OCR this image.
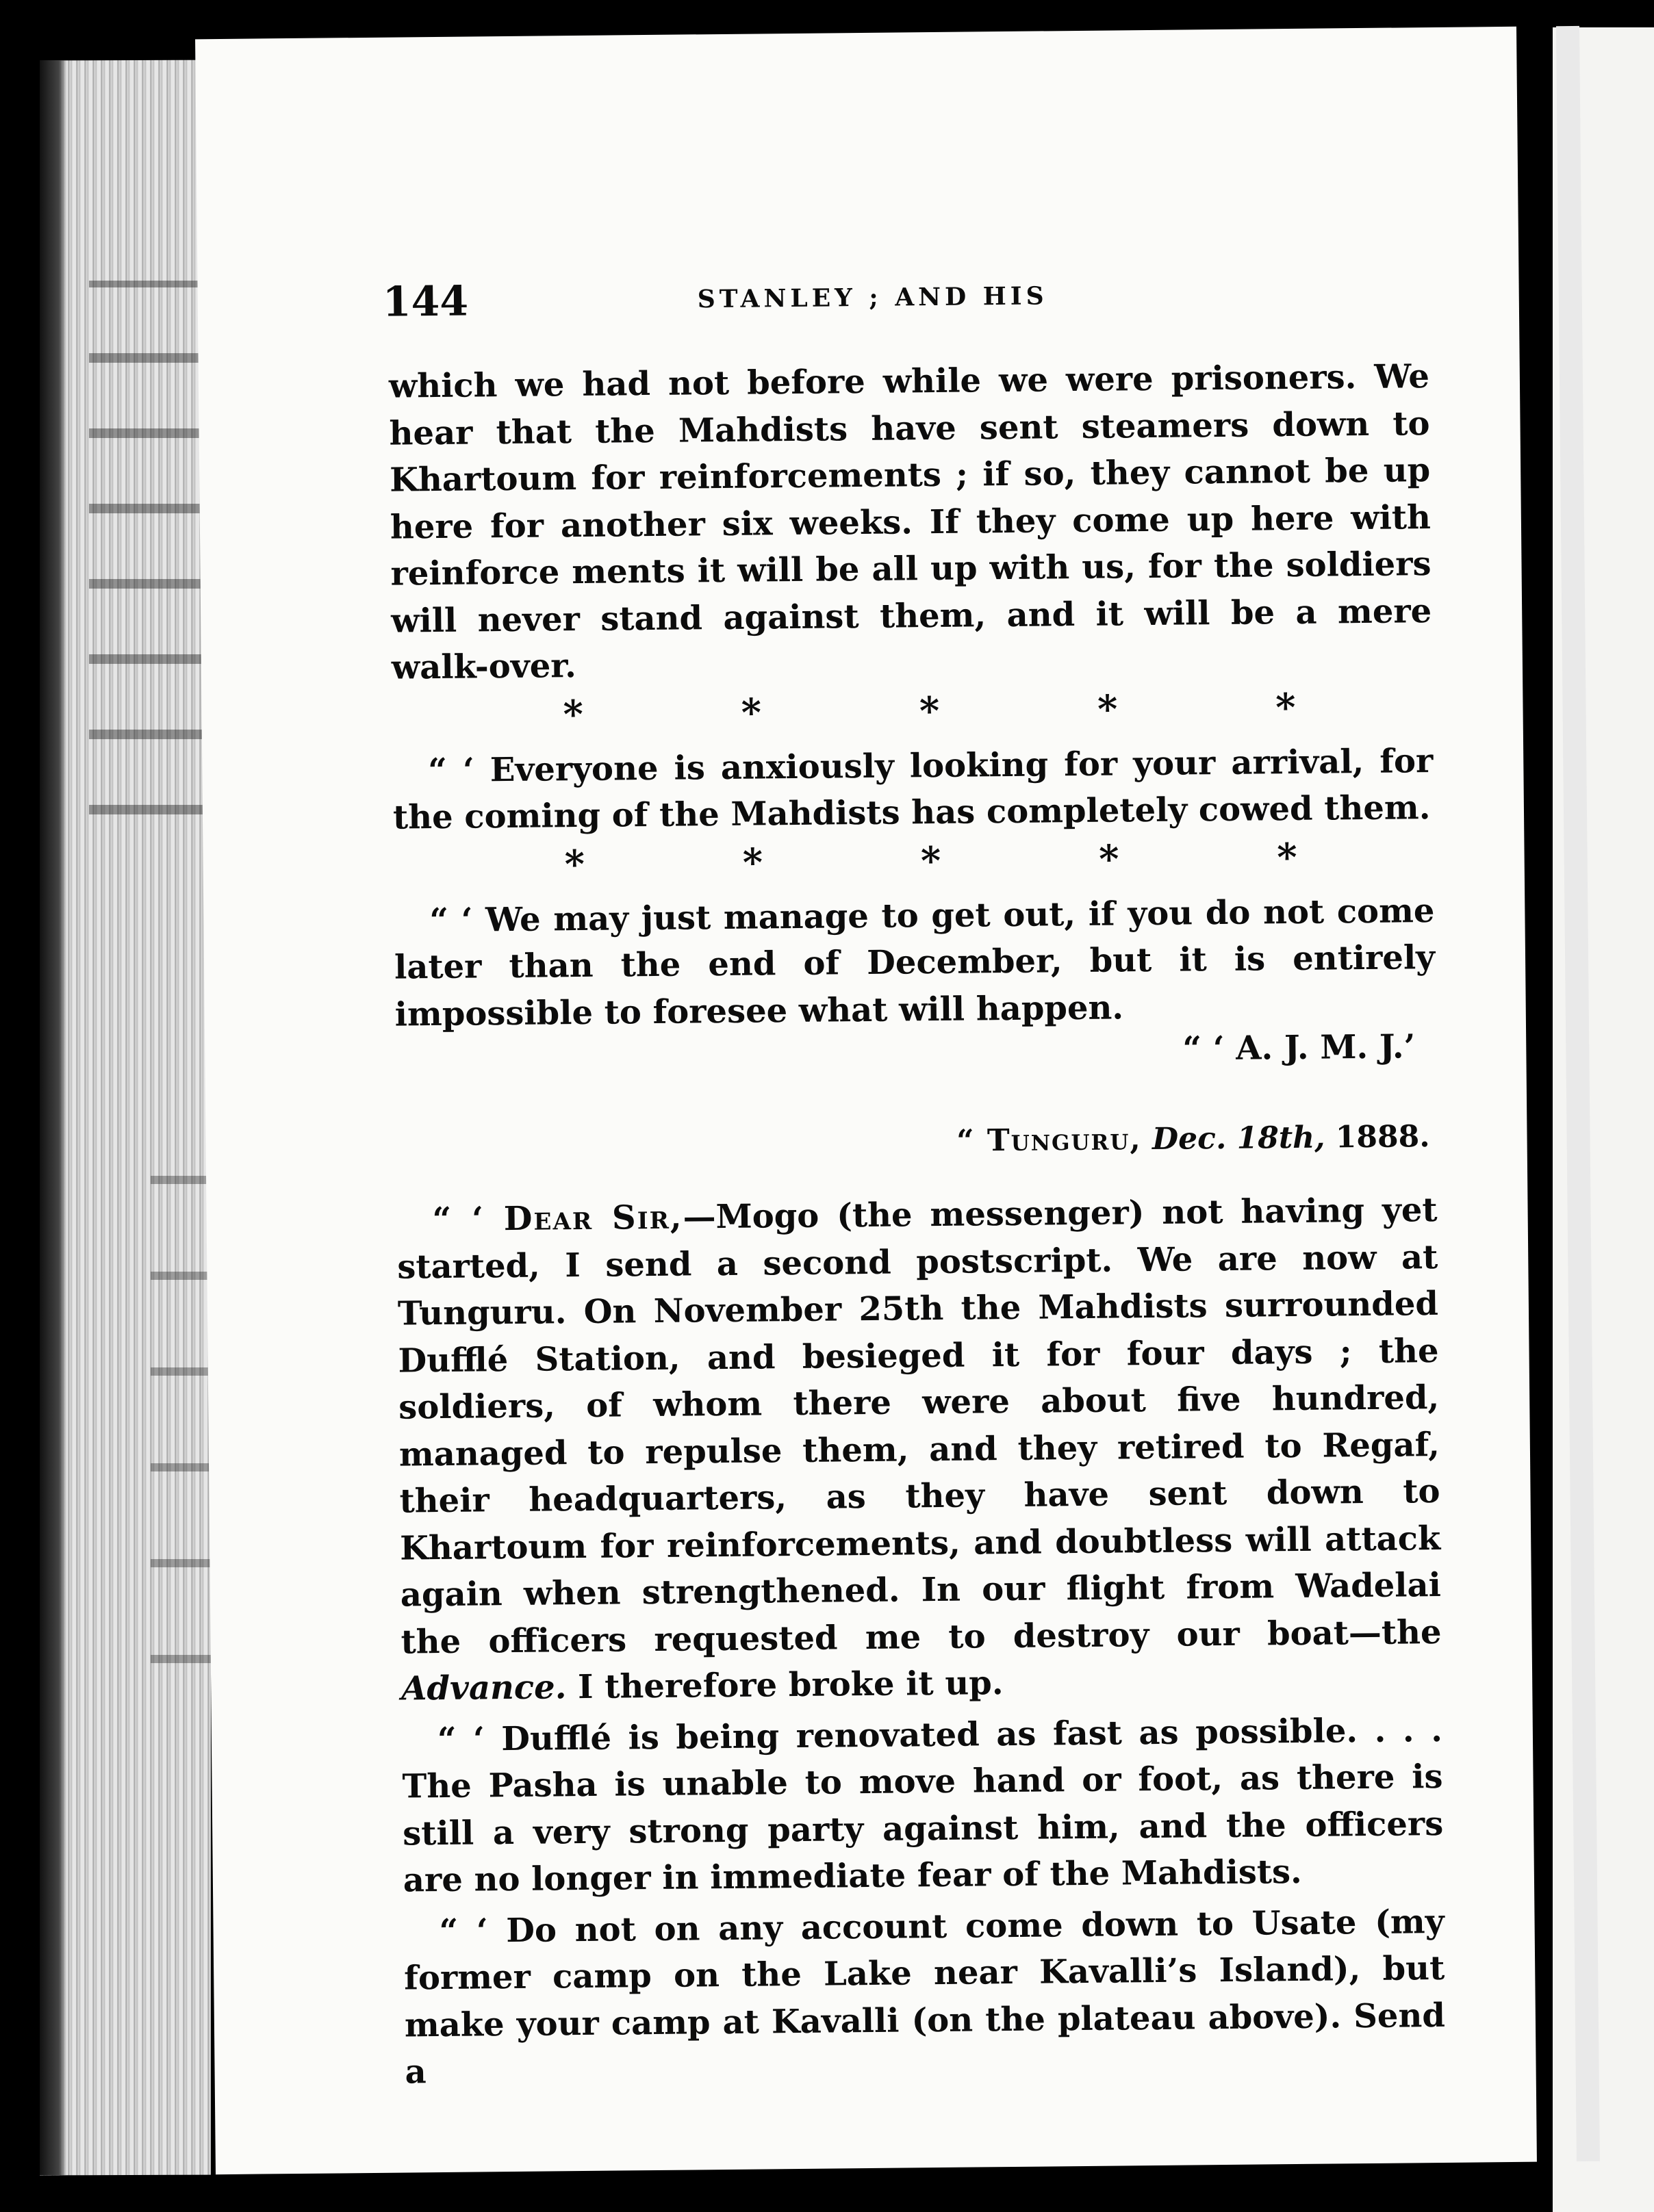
144	STANLEY ; AND HIS

which we had not before while we were prisoners. We hear that the Mahdists have sent steamers down to Khartoum for reinforcements ; if so, they cannot be up here for another six weeks. If they come up here with reinforce ments it will be all up with us, for the soldiers will never stand against them, and it will be a mere walk-over.

*	*	*	*	*

“ ‘ Everyone is anxiously looking for your arrival, for the coming of the Mahdists has completely cowed them.

*	*	*	*	*

“ ‘ We may just manage to get out, if you do not come later than the end of December, but it is entirely impossible to foresee what will happen.

“ ‘ A. J. M. J.’
“ Tunguru, Dec. 18th, 1888.

“ ‘ Dear Sir,—Mogo (the messenger) not having yet started, I send a second postscript. We are now at Tunguru. On November 25th the Mahdists surrounded Dufflé Station, and besieged it for four days ; the soldiers, of whom there were about five hundred, managed to repulse them, and they retired to Regaf, their headquarters, as they have sent down to Khartoum for reinforcements, and doubtless will attack again when strengthened. In our flight from Wadelai the officers requested me to destroy our boat—the Advance. I therefore broke it up.

“ ‘ Dufflé is being renovated as fast as possible. . . . The Pasha is unable to move hand or foot, as there is still a very strong party against him, and the officers are no longer in immediate fear of the Mahdists.

“ ‘ Do not on any account come down to Usate (my former camp on the Lake near Kavalli’s Island), but make your camp at Kavalli (on the plateau above). Send a
